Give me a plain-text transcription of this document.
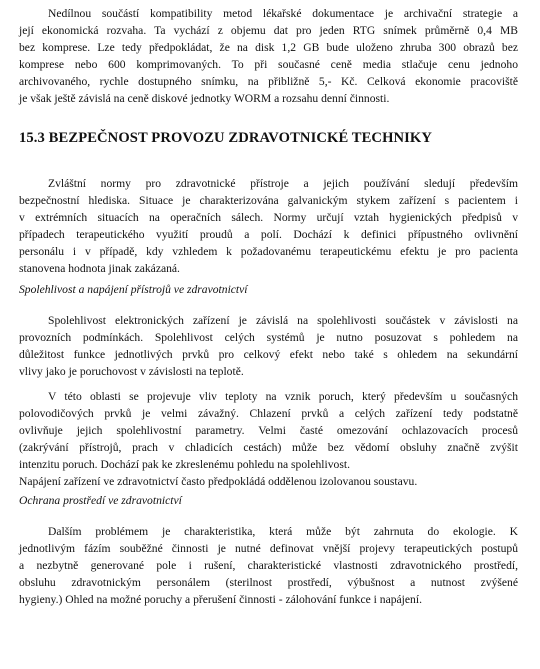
Nedílnou součástí kompatibility metod lékařské dokumentace je archivační strategie a
její ekonomická rozvaha. Ta vychází z objemu dat pro jeden RTG snímek průměrně 0,4 MB
bez komprese. Lze tedy předpokládat, že na disk 1,2 GB bude uloženo zhruba 300 obrazů bez
komprese nebo 600 komprimovaných. To při současné ceně media stlačuje cenu jednoho
archivovaného, rychle dostupného snímku, na přibližně 5,- Kč. Celková ekonomie pracoviště
je však ještě závislá na ceně diskové jednotky WORM a rozsahu denní činnosti.

15.3 BEZPEČNOST PROVOZU ZDRAVOTNICKÉ TECHNIKY

Zvláštní normy pro zdravotnické přístroje a jejich používání sledují především
bezpečnostní hlediska. Situace je charakterizována galvanickým stykem zařízení s pacientem i
v extrémních situacích na operačních sálech. Normy určují vztah hygienických předpisů v
případech terapeutického využití proudů a polí. Dochází k definici přípustného ovlivnění
personálu i v případě, kdy vzhledem k požadovanému terapeutickému efektu je pro pacienta
stanovena hodnota jinak zakázaná.

Spolehlivost a napájení přístrojů ve zdravotnictví

Spolehlivost elektronických zařízení je závislá na spolehlivosti součástek v závislosti na
provozních podmínkách. Spolehlivost celých systémů je nutno posuzovat s pohledem na
důležitost funkce jednotlivých prvků pro celkový efekt nebo také s ohledem na sekundární
vlivy jako je poruchovost v závislosti na teplotě.

V této oblasti se projevuje vliv teploty na vznik poruch, který především u současných
polovodičových prvků je velmi závažný. Chlazení prvků a celých zařízení tedy podstatně
ovlivňuje jejich spolehlivostní parametry. Velmi časté omezování ochlazovacích procesů
(zakrývání přístrojů, prach v chladicích cestách) může bez vědomí obsluhy značně zvýšit
intenzitu poruch. Dochází pak ke zkreslenému pohledu na spolehlivost.
Napájení zařízení ve zdravotnictví často předpokládá oddělenou izolovanou soustavu.

Ochrana prostředí ve zdravotnictví

Dalším problémem je charakteristika, která může být zahrnuta do ekologie. K
jednotlivým fázím souběžné činnosti je nutné definovat vnější projevy terapeutických postupů
a nezbytně generované pole i rušení, charakteristické vlastnosti zdravotnického prostředí,
obsluhu zdravotnickým personálem (sterilnost prostředí, výbušnost a nutnost zvýšené
hygieny.) Ohled na možné poruchy a přerušení činnosti - zálohování funkce i napájení.
